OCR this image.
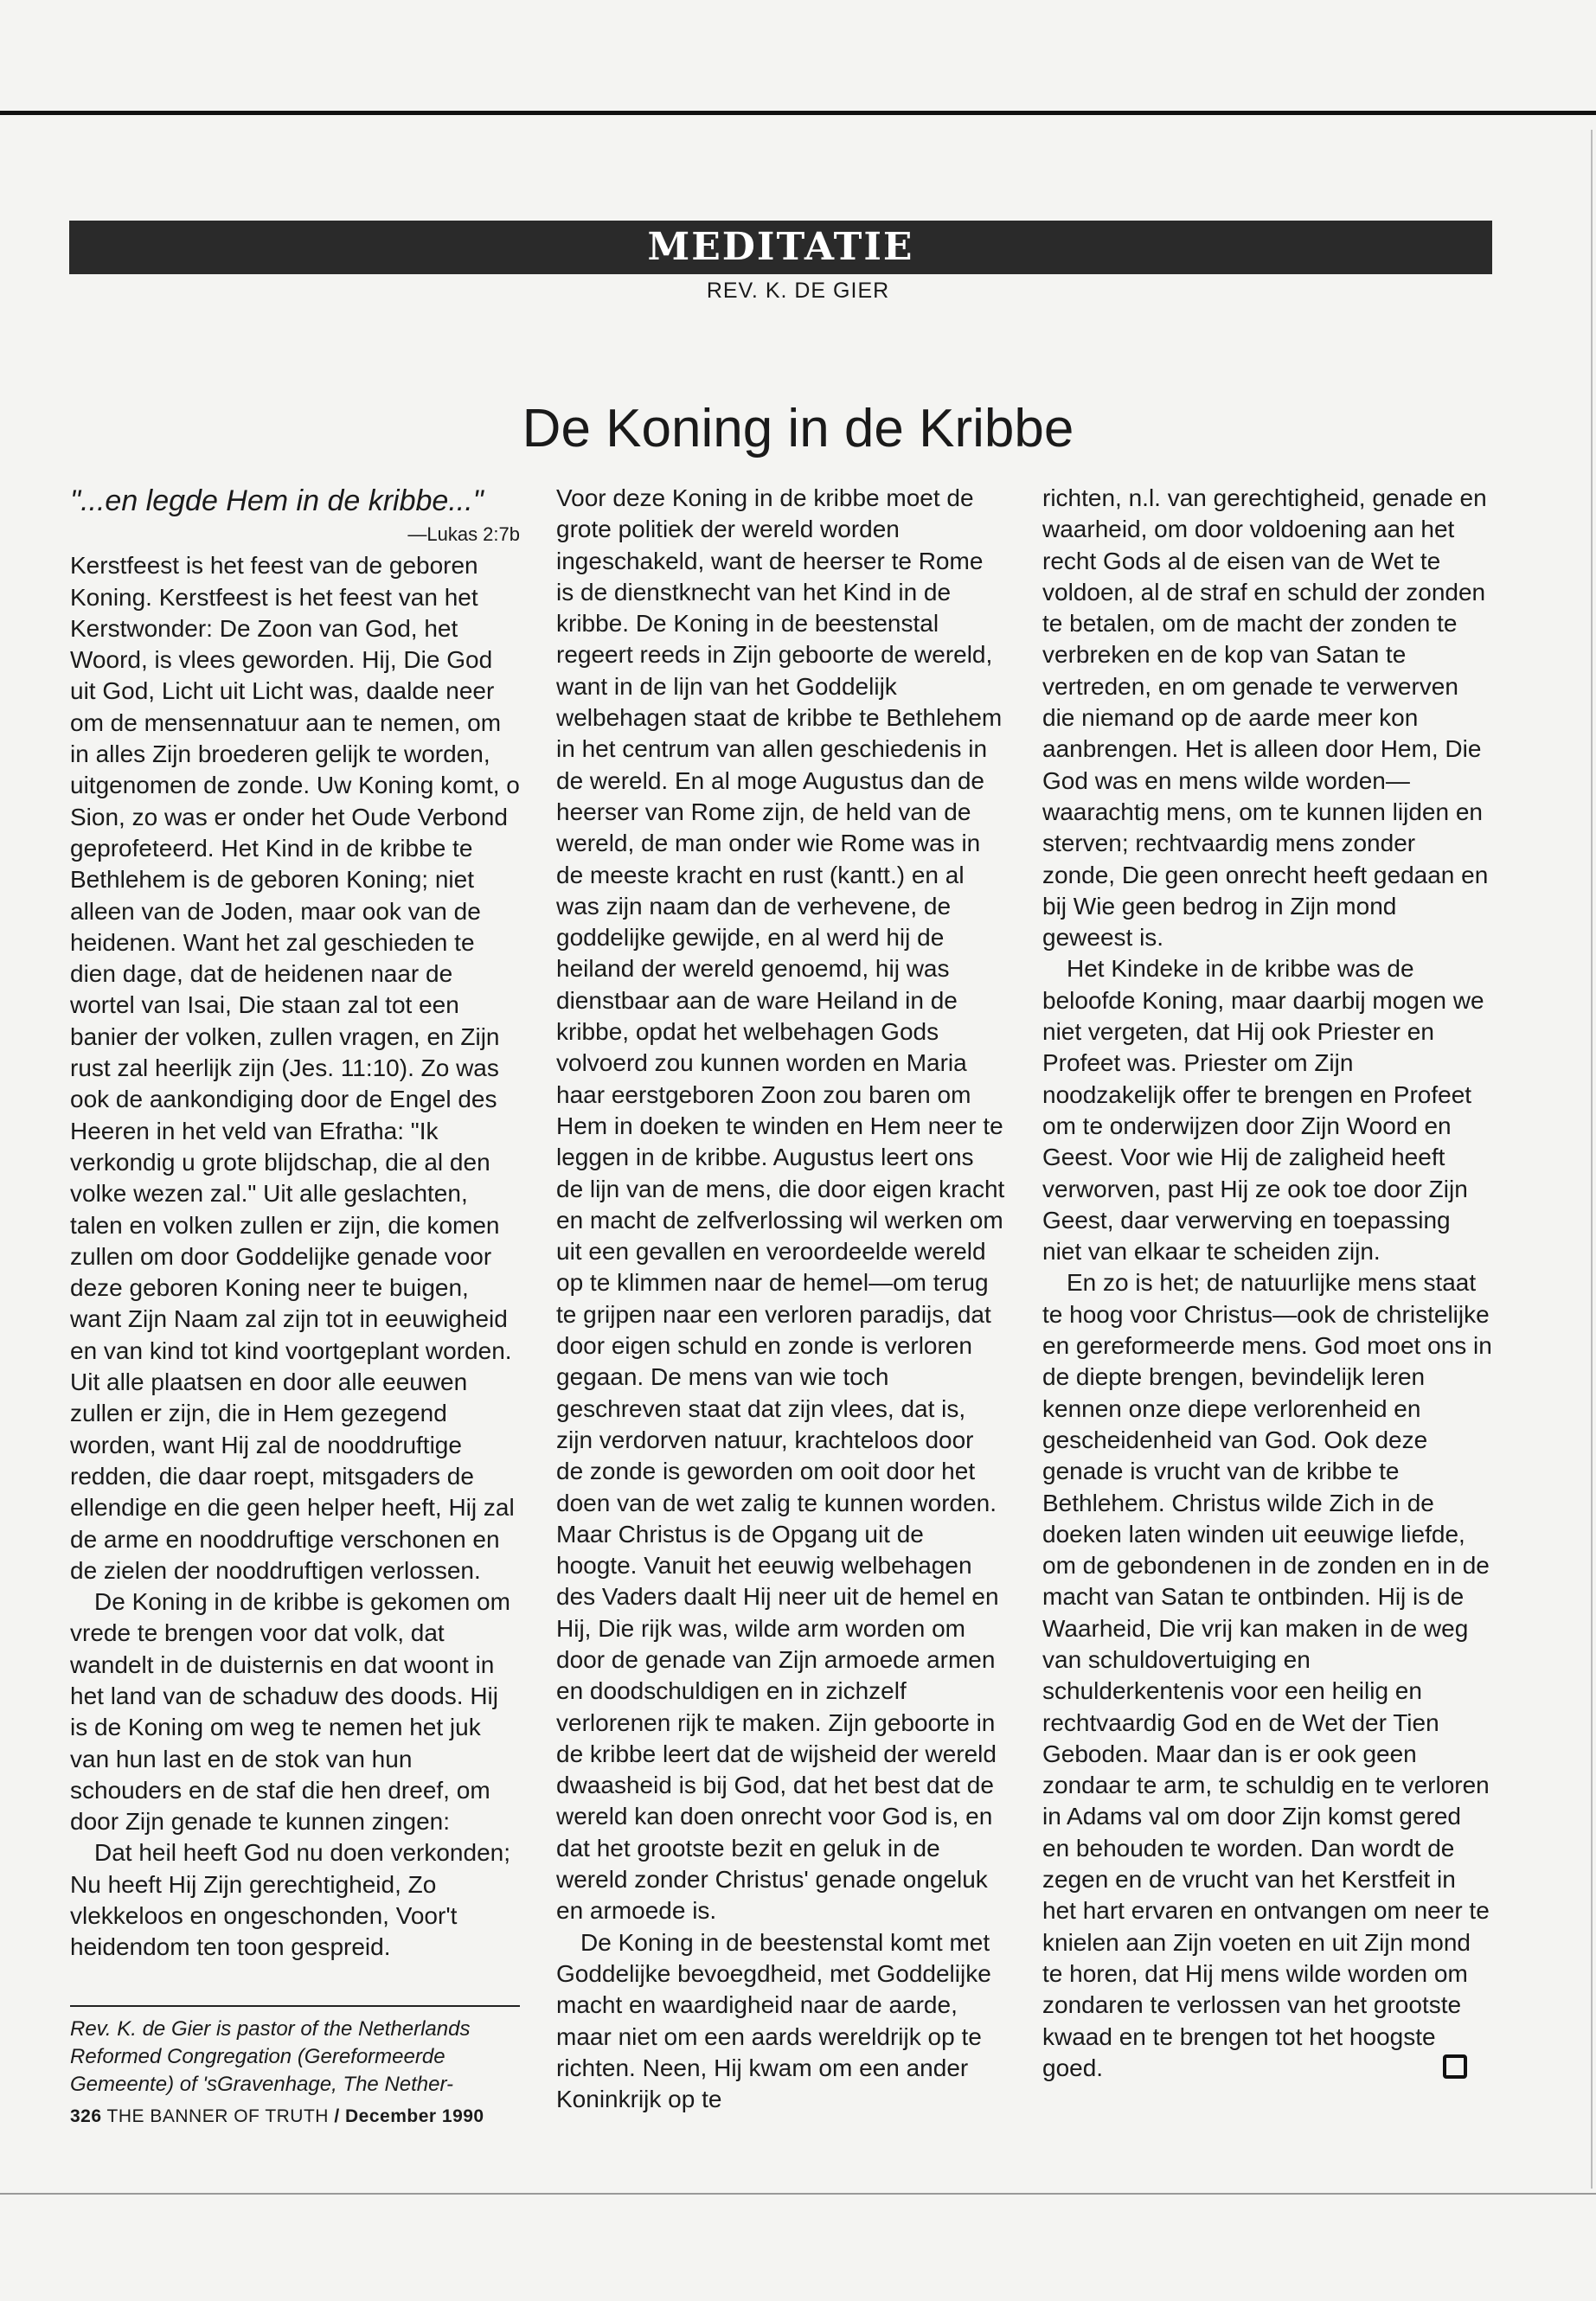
MEDITATIE
REV. K. DE GIER
De Koning in de Kribbe

"...en legde Hem in de kribbe..."

—Lukas 2:7b

Kerstfeest is het feest van de geboren Koning. Kerstfeest is het feest van het Kerstwonder: De Zoon van God, het Woord, is vlees geworden. Hij, Die God uit God, Licht uit Licht was, daalde neer om de mensennatuur aan te nemen, om in alles Zijn broederen gelijk te worden, uitgenomen de zonde. Uw Koning komt, o Sion, zo was er onder het Oude Verbond geprofeteerd. Het Kind in de kribbe te Bethlehem is de geboren Koning; niet alleen van de Joden, maar ook van de heidenen. Want het zal geschieden te dien dage, dat de heidenen naar de wortel van Isai, Die staan zal tot een banier der volken, zullen vragen, en Zijn rust zal heerlijk zijn (Jes. 11:10). Zo was ook de aankondiging door de Engel des Heeren in het veld van Efratha: "Ik verkondig u grote blijdschap, die al den volke wezen zal." Uit alle geslachten, talen en volken zullen er zijn, die komen zullen om door Goddelijke genade voor deze geboren Koning neer te buigen, want Zijn Naam zal zijn tot in eeuwigheid en van kind tot kind voortgeplant worden. Uit alle plaatsen en door alle eeuwen zullen er zijn, die in Hem gezegend worden, want Hij zal de nooddruftige redden, die daar roept, mitsgaders de ellendige en die geen helper heeft, Hij zal de arme en nooddruftige verschonen en de zielen der nooddruftigen verlossen.

De Koning in de kribbe is gekomen om vrede te brengen voor dat volk, dat wandelt in de duisternis en dat woont in het land van de schaduw des doods. Hij is de Koning om weg te nemen het juk van hun last en de stok van hun schouders en de staf die hen dreef, om door Zijn genade te kunnen zingen:

Dat heil heeft God nu doen verkonden; Nu heeft Hij Zijn gerechtigheid, Zo vlekkeloos en ongeschonden, Voor't heidendom ten toon gespreid.

Voor deze Koning in de kribbe moet de grote politiek der wereld worden ingeschakeld, want de heerser te Rome is de dienstknecht van het Kind in de kribbe. De Koning in de beestenstal regeert reeds in Zijn geboorte de wereld, want in de lijn van het Goddelijk welbehagen staat de kribbe te Bethlehem in het centrum van allen geschiedenis in de wereld. En al moge Augustus dan de heerser van Rome zijn, de held van de wereld, de man onder wie Rome was in de meeste kracht en rust (kantt.) en al was zijn naam dan de verhevene, de goddelijke gewijde, en al werd hij de heiland der wereld genoemd, hij was dienstbaar aan de ware Heiland in de kribbe, opdat het welbehagen Gods volvoerd zou kunnen worden en Maria haar eerstgeboren Zoon zou baren om Hem in doeken te winden en Hem neer te leggen in de kribbe. Augustus leert ons de lijn van de mens, die door eigen kracht en macht de zelfverlossing wil werken om uit een gevallen en veroordeelde wereld op te klimmen naar de hemel—om terug te grijpen naar een verloren paradijs, dat door eigen schuld en zonde is verloren gegaan. De mens van wie toch geschreven staat dat zijn vlees, dat is, zijn verdorven natuur, krachteloos door de zonde is geworden om ooit door het doen van de wet zalig te kunnen worden. Maar Christus is de Opgang uit de hoogte. Vanuit het eeuwig welbehagen des Vaders daalt Hij neer uit de hemel en Hij, Die rijk was, wilde arm worden om door de genade van Zijn armoede armen en doodschuldigen en in zichzelf verlorenen rijk te maken. Zijn geboorte in de kribbe leert dat de wijsheid der wereld dwaasheid is bij God, dat het best dat de wereld kan doen onrecht voor God is, en dat het grootste bezit en geluk in de wereld zonder Christus' genade ongeluk en armoede is.

De Koning in de beestenstal komt met Goddelijke bevoegdheid, met Goddelijke macht en waardigheid naar de aarde, maar niet om een aards wereldrijk op te richten. Neen, Hij kwam om een ander Koninkrijk op te

richten, n.l. van gerechtigheid, genade en waarheid, om door voldoening aan het recht Gods al de eisen van de Wet te voldoen, al de straf en schuld der zonden te betalen, om de macht der zonden te verbreken en de kop van Satan te vertreden, en om genade te verwerven die niemand op de aarde meer kon aanbrengen. Het is alleen door Hem, Die God was en mens wilde worden—waarachtig mens, om te kunnen lijden en sterven; rechtvaardig mens zonder zonde, Die geen onrecht heeft gedaan en bij Wie geen bedrog in Zijn mond geweest is.

Het Kindeke in de kribbe was de beloofde Koning, maar daarbij mogen we niet vergeten, dat Hij ook Priester en Profeet was. Priester om Zijn noodzakelijk offer te brengen en Profeet om te onderwijzen door Zijn Woord en Geest. Voor wie Hij de zaligheid heeft verworven, past Hij ze ook toe door Zijn Geest, daar verwerving en toepassing niet van elkaar te scheiden zijn.

En zo is het; de natuurlijke mens staat te hoog voor Christus—ook de christelijke en gereformeerde mens. God moet ons in de diepte brengen, bevindelijk leren kennen onze diepe verlorenheid en gescheidenheid van God. Ook deze genade is vrucht van de kribbe te Bethlehem. Christus wilde Zich in de doeken laten winden uit eeuwige liefde, om de gebondenen in de zonden en in de macht van Satan te ontbinden. Hij is de Waarheid, Die vrij kan maken in de weg van schuldovertuiging en schulderkentenis voor een heilig en rechtvaardig God en de Wet der Tien Geboden. Maar dan is er ook geen zondaar te arm, te schuldig en te verloren in Adams val om door Zijn komst gered en behouden te worden. Dan wordt de zegen en de vrucht van het Kerstfeit in het hart ervaren en ontvangen om neer te knielen aan Zijn voeten en uit Zijn mond te horen, dat Hij mens wilde worden om zondaren te verlossen van het grootste kwaad en te brengen tot het hoogste goed.

Rev. K. de Gier is pastor of the Netherlands Reformed Congregation (Gereformeerde Gemeente) of 'sGravenhage, The Nether-

326 THE BANNER OF TRUTH / December 1990
